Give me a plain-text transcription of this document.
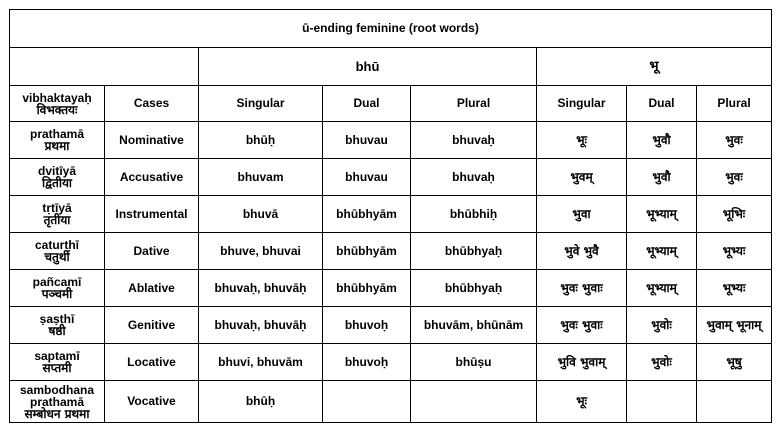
ū-ending feminine (root words)							
		bhū			भू		

vibhaktayaḥ
विभक्तयः	Cases	Singular	Dual	Plural	Singular	Dual	Plural

prathamā
प्रथमा	Nominative	bhūḥ	bhuvau	bhuvaḥ	भूः	भुवौ	भुवः

dvitīyā
द्वितीया	Accusative	bhuvam	bhuvau	bhuvaḥ	भुवम्	भुवौ	भुवः

tṛtīyā
तृतीया	Instrumental	bhuvā	bhūbhyām	bhūbhiḥ	भुवा	भूभ्याम्	भूभिः

caturthī
चतुर्थी	Dative	bhuve, bhuvai	bhūbhyām	bhūbhyaḥ	भुवे भुवै	भूभ्याम्	भूभ्यः

pañcamī
पञ्चमी	Ablative	bhuvaḥ, bhuvāḥ	bhūbhyām	bhūbhyaḥ	भुवः भुवाः	भूभ्याम्	भूभ्यः

ṣaṣṭhī
षष्ठी	Genitive	bhuvaḥ, bhuvāḥ	bhuvoḥ	bhuvām, bhūnām	भुवः भुवाः	भुवोः	भुवाम् भूनाम्

saptamī
सप्तमी	Locative	bhuvi, bhuvām	bhuvoḥ	bhūṣu	भुवि भुवाम्	भुवोः	भूषु

sambodhana
prathamā
सम्बोधन प्रथमा	Vocative	bhūḥ			भूः		
